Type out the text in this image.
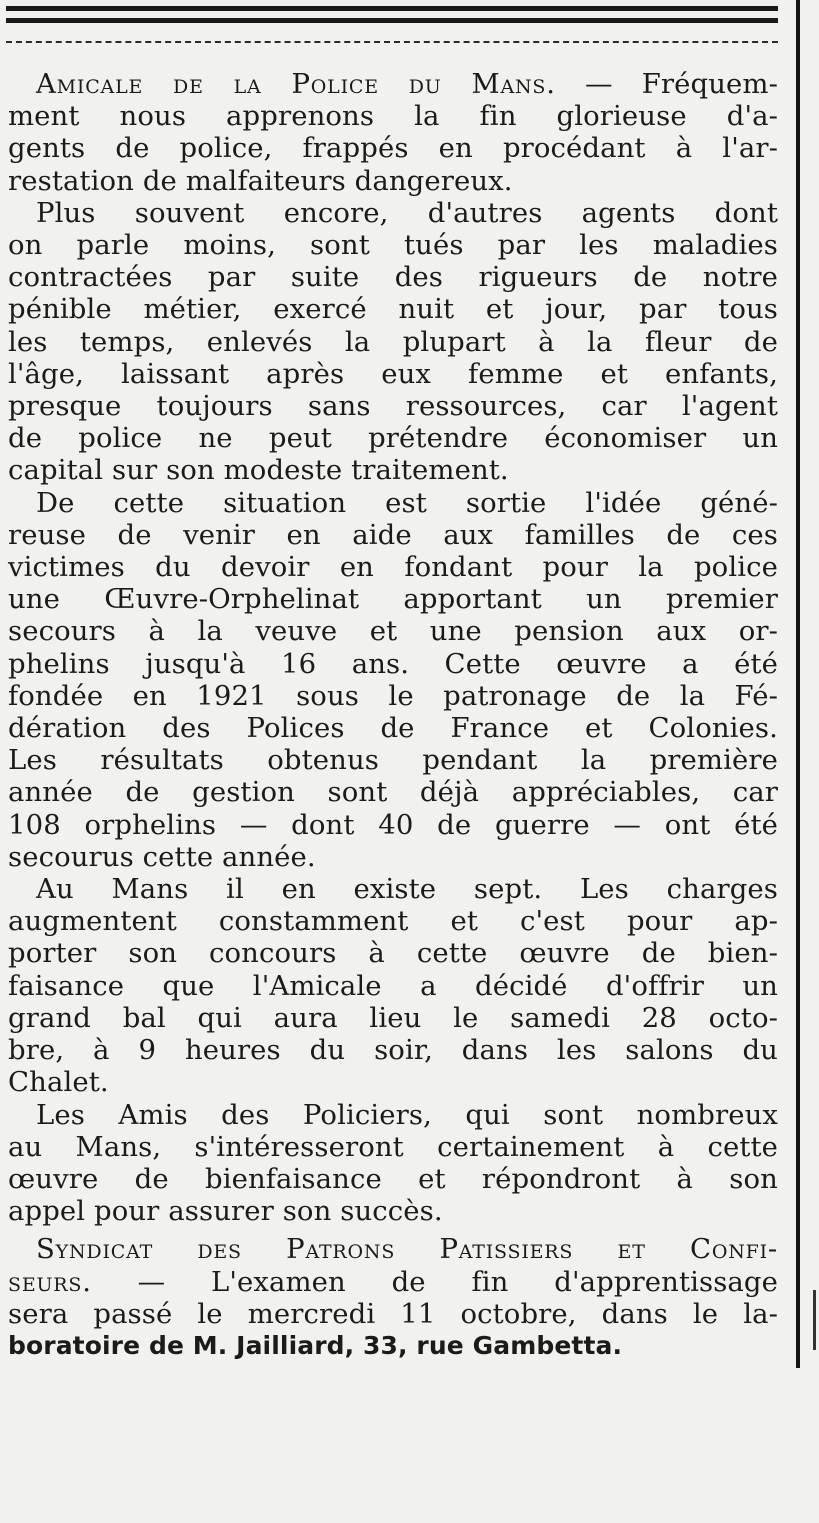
Amicale de la Police du Mans. — Fréquem-
ment nous apprenons la fin glorieuse d'a-
gents de police, frappés en procédant à l'ar-
restation de malfaiteurs dangereux.
Plus souvent encore, d'autres agents dont
on parle moins, sont tués par les maladies
contractées par suite des rigueurs de notre
pénible métier, exercé nuit et jour, par tous
les temps, enlevés la plupart à la fleur de
l'âge, laissant après eux femme et enfants,
presque toujours sans ressources, car l'agent
de police ne peut prétendre économiser un
capital sur son modeste traitement.
De cette situation est sortie l'idée géné-
reuse de venir en aide aux familles de ces
victimes du devoir en fondant pour la police
une Œuvre-Orphelinat apportant un premier
secours à la veuve et une pension aux or-
phelins jusqu'à 16 ans. Cette œuvre a été
fondée en 1921 sous le patronage de la Fé-
dération des Polices de France et Colonies.
Les résultats obtenus pendant la première
année de gestion sont déjà appréciables, car
108 orphelins — dont 40 de guerre — ont été
secourus cette année.
Au Mans il en existe sept. Les charges
augmentent constamment et c'est pour ap-
porter son concours à cette œuvre de bien-
faisance que l'Amicale a décidé d'offrir un
grand bal qui aura lieu le samedi 28 octo-
bre, à 9 heures du soir, dans les salons du
Chalet.
Les Amis des Policiers, qui sont nombreux
au Mans, s'intéresseront certainement à cette
œuvre de bienfaisance et répondront à son
appel pour assurer son succès.
Syndicat des Patrons Patissiers et Confi-
seurs. — L'examen de fin d'apprentissage
sera passé le mercredi 11 octobre, dans le la-
boratoire de M. Jailliard, 33, rue Gambetta.
